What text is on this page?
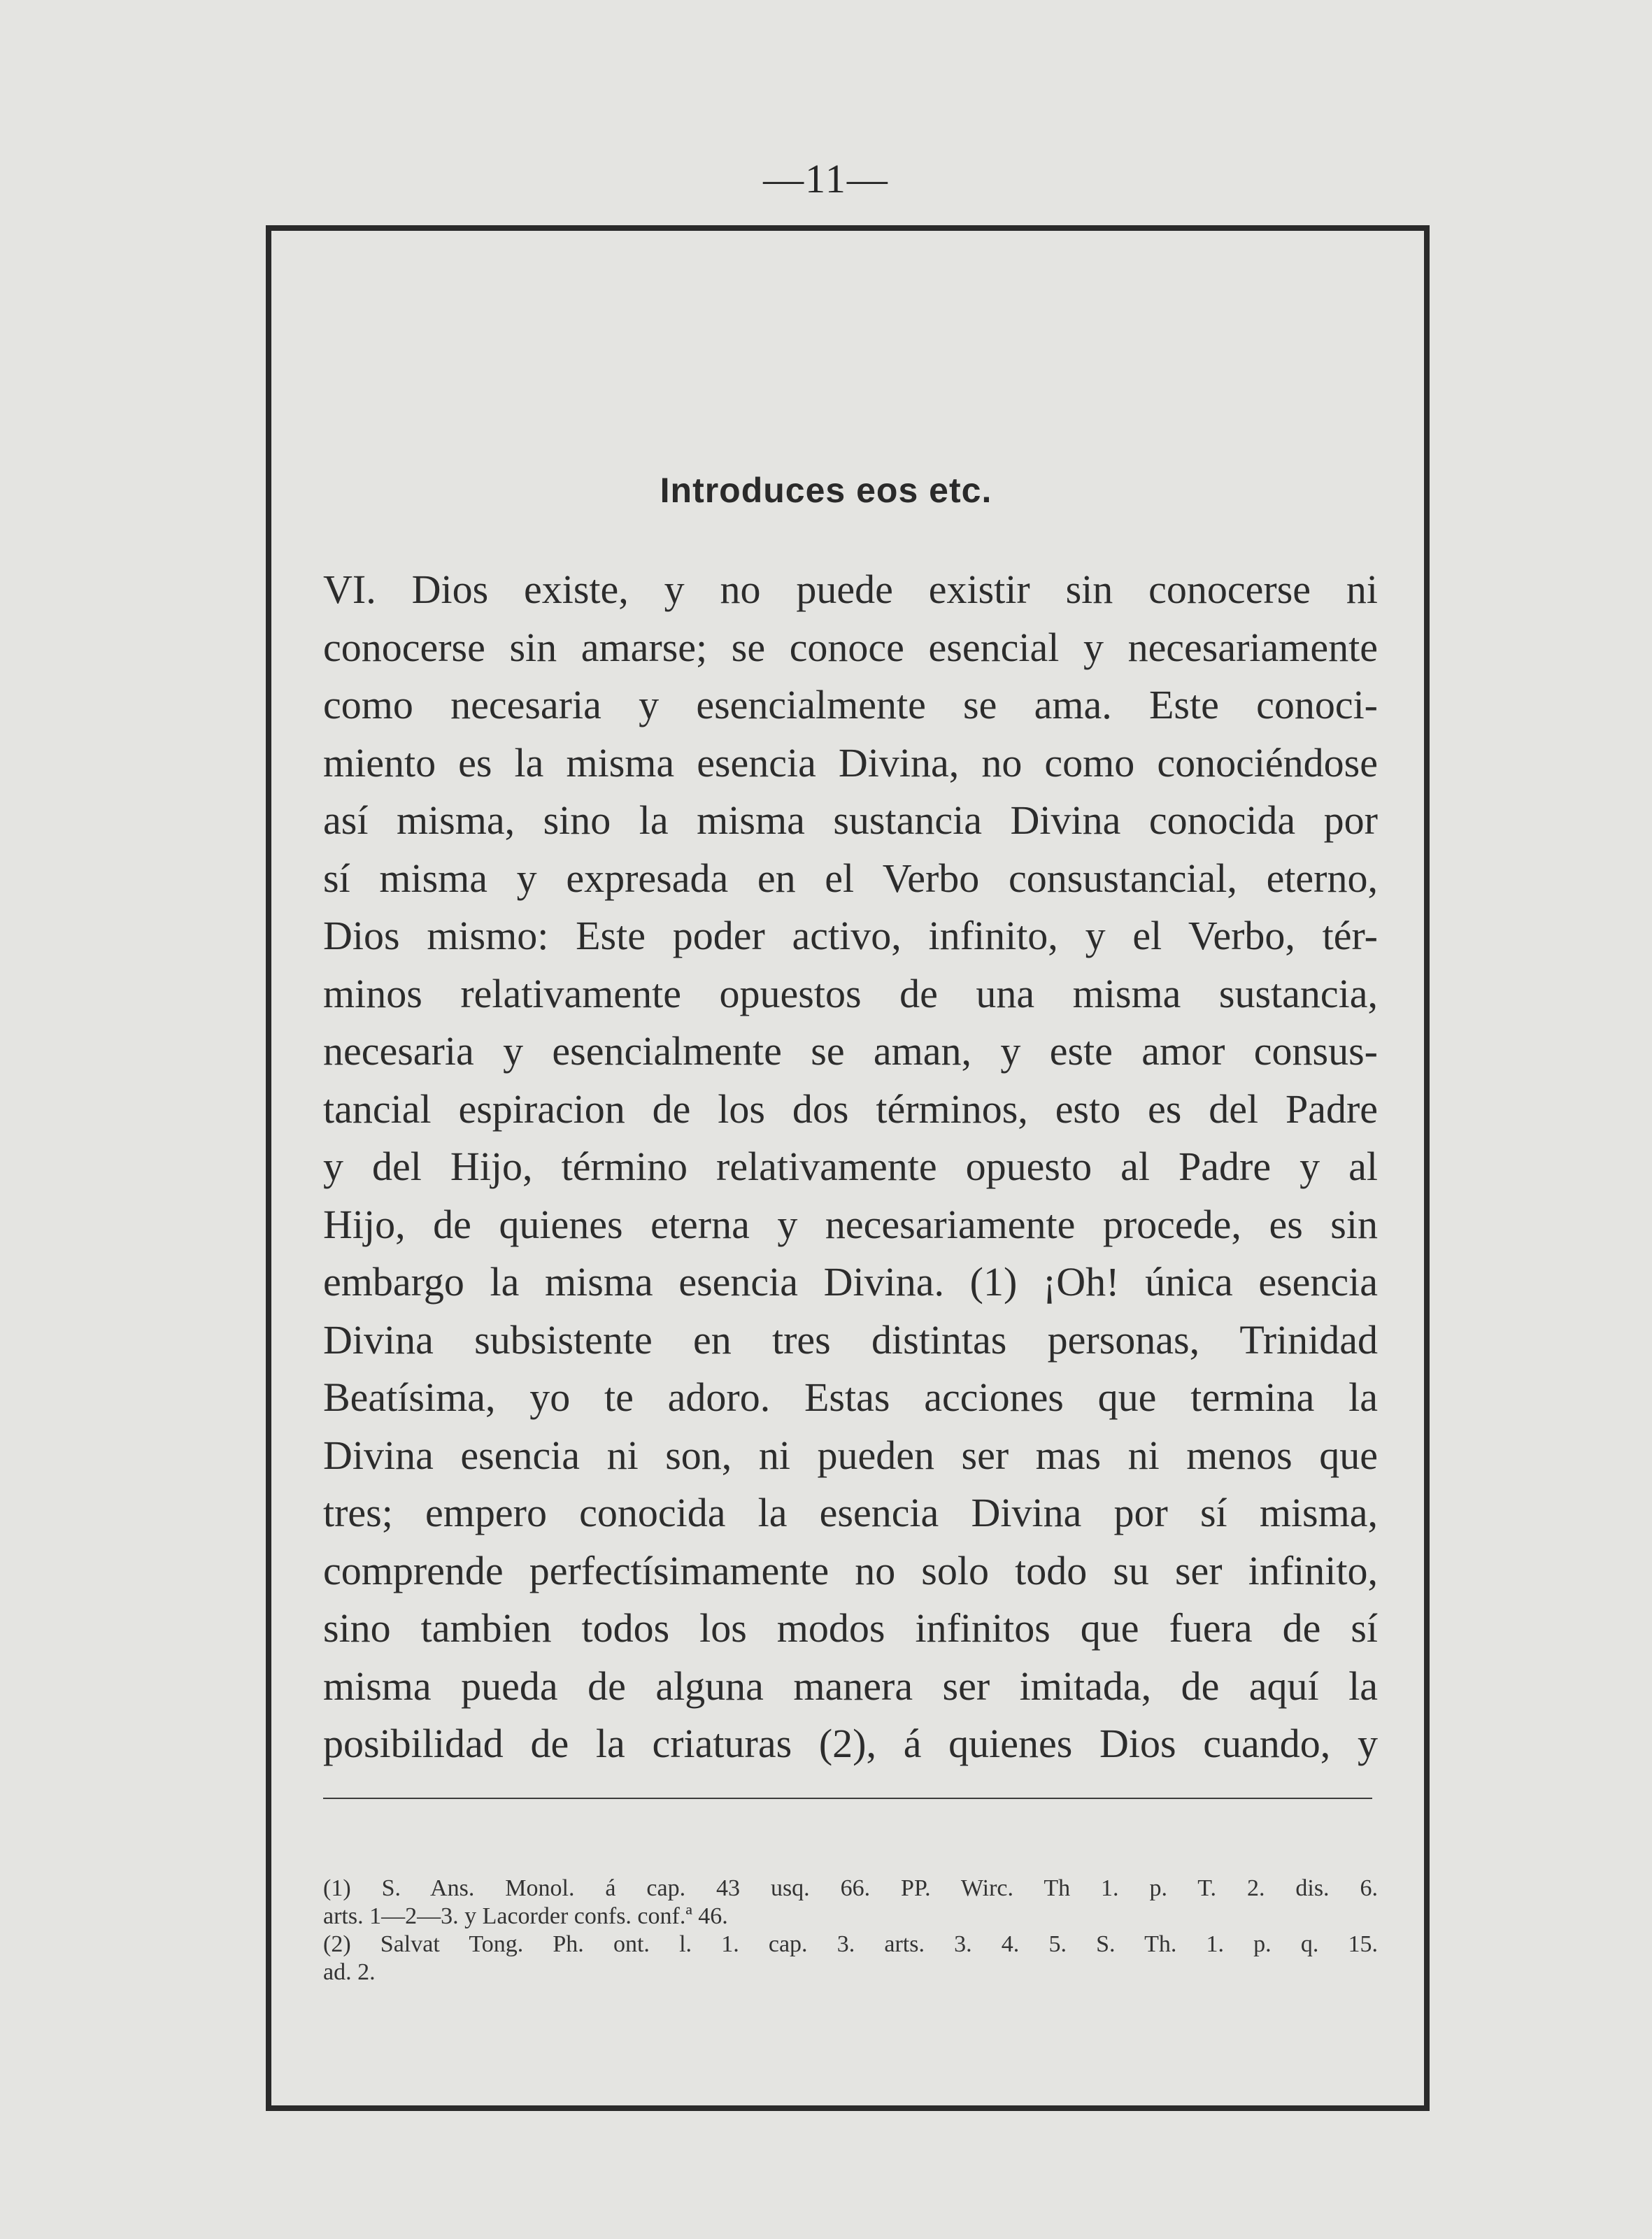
—11—
Introduces eos etc.
VI. Dios existe, y no puede existir sin conocerse ni
conocerse sin amarse; se conoce esencial y necesariamente
como necesaria y esencialmente se ama. Este conoci-
miento es la misma esencia Divina, no como conociéndose
así misma, sino la misma sustancia Divina conocida por
sí misma y expresada en el Verbo consustancial, eterno,
Dios mismo: Este poder activo, infinito, y el Verbo, tér-
minos relativamente opuestos de una misma sustancia,
necesaria y esencialmente se aman, y este amor consus-
tancial espiracion de los dos términos, esto es del Padre
y del Hijo, término relativamente opuesto al Padre y al
Hijo, de quienes eterna y necesariamente procede, es sin
embargo la misma esencia Divina. (1) ¡Oh! única esencia
Divina subsistente en tres distintas personas, Trinidad
Beatísima, yo te adoro. Estas acciones que termina la
Divina esencia ni son, ni pueden ser mas ni menos que
tres; empero conocida la esencia Divina por sí misma,
comprende perfectísimamente no solo todo su ser infinito,
sino tambien todos los modos infinitos que fuera de sí
misma pueda de alguna manera ser imitada, de aquí la
posibilidad de la criaturas (2), á quienes Dios cuando, y
(1) S. Ans. Monol. á cap. 43 usq. 66. PP. Wirc. Th 1. p. T. 2. dis. 6.
arts. 1—2—3. y Lacorder confs. conf.ª 46.
(2) Salvat Tong. Ph. ont. l. 1. cap. 3. arts. 3. 4. 5. S. Th. 1. p. q. 15.
ad. 2.
